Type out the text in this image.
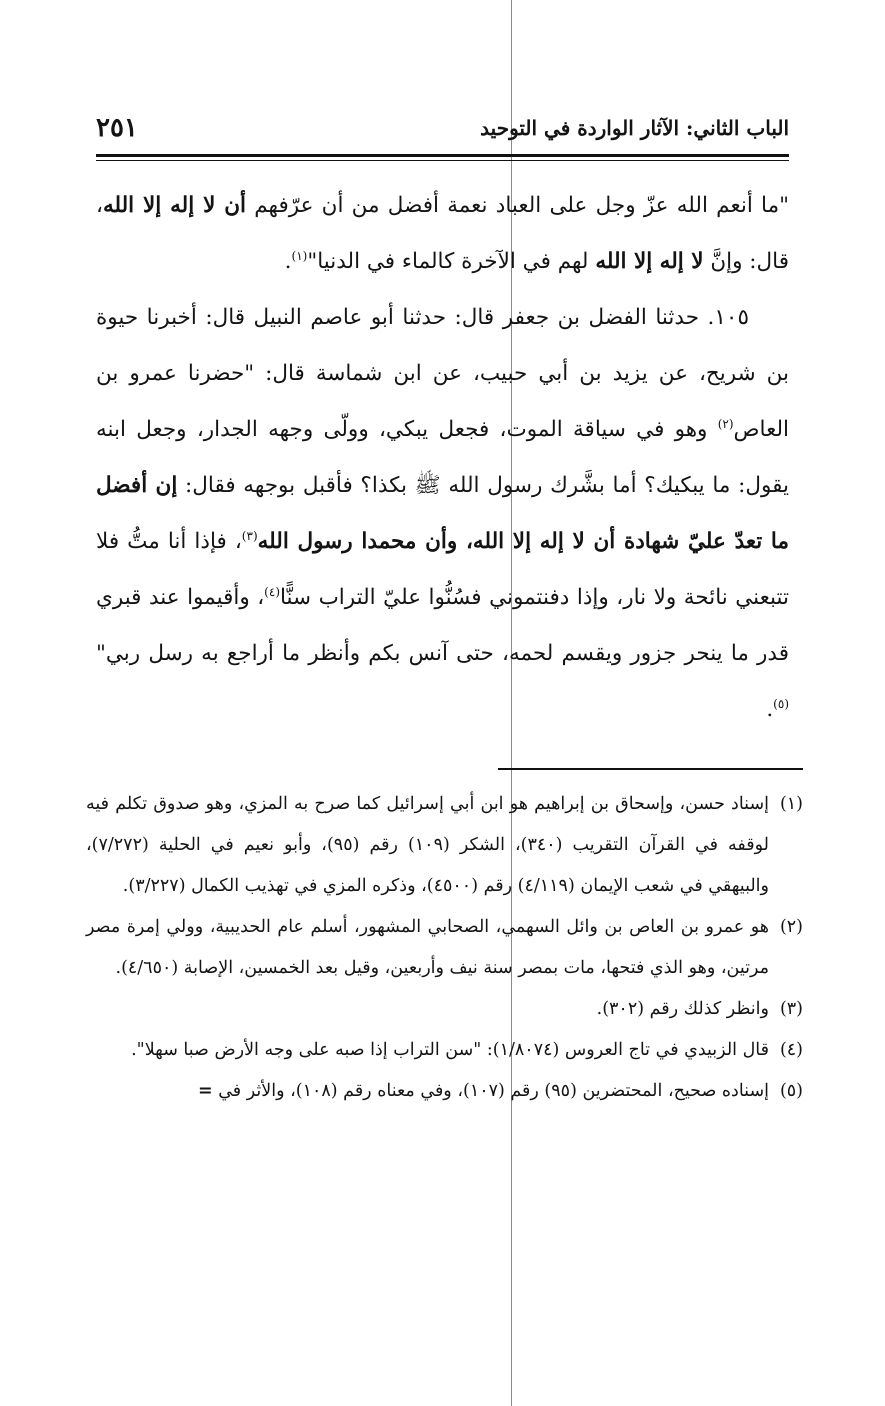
الباب الثاني: الآثار الواردة في التوحيد
٢٥١

"ما أنعم الله عزّ وجل على العباد نعمة أفضل من أن عرّفهم أن لا إله إلا الله، قال: وإنَّ لا إله إلا الله لهم في الآخرة كالماء في الدنيا"$^{(١)}$.

١٠٥. حدثنا الفضل بن جعفر قال: حدثنا أبو عاصم النبيل قال: أخبرنا حيوة بن شريح، عن يزيد بن أبي حبيب، عن ابن شماسة قال: "حضرنا عمرو بن العاص$^{(٢)}$ وهو في سياقة الموت، فجعل يبكي، وولّى وجهه الجدار، وجعل ابنه يقول: ما يبكيك؟ أما بشَّرك رسول الله ﷺ بكذا؟ فأقبل بوجهه فقال: إن أفضل ما تعدّ عليّ شهادة أن لا إله إلا الله، وأن محمدا رسول الله$^{(٣)}$، فإذا أنا متُّ فلا تتبعني نائحة ولا نار، وإذا دفنتموني فسُنُّوا عليّ التراب سنًّا$^{(٤)}$، وأقيموا عند قبري قدر ما ينحر جزور ويقسم لحمه، حتى آنس بكم وأنظر ما أراجع به رسل ربي"$^{(٥)}$.

(١)إسناد حسن، وإسحاق بن إبراهيم هو ابن أبي إسرائيل كما صرح به المزي، وهو صدوق تكلم فيه لوقفه في القرآن التقريب (٣٤٠)، الشكر (١٠٩) رقم (٩٥)، وأبو نعيم في الحلية (٧/٢٧٢)، والبيهقي في شعب الإيمان (٤/١١٩) رقم (٤٥٠٠)، وذكره المزي في تهذيب الكمال (٣/٢٢٧).

(٢)هو عمرو بن العاص بن وائل السهمي، الصحابي المشهور، أسلم عام الحديبية، وولي إمرة مصر مرتين، وهو الذي فتحها، مات بمصر سنة نيف وأربعين، وقيل بعد الخمسين، الإصابة (٤/٦٥٠).

(٣)وانظر كذلك رقم (٣٠٢).

(٤)قال الزبيدي في تاج العروس (١/٨٠٧٤): "سن التراب إذا صبه على وجه الأرض صبا سهلا".

(٥)إسناده صحيح، المحتضرين (٩٥) رقم (١٠٧)، وفي معناه رقم (١٠٨)، والأثر في =
